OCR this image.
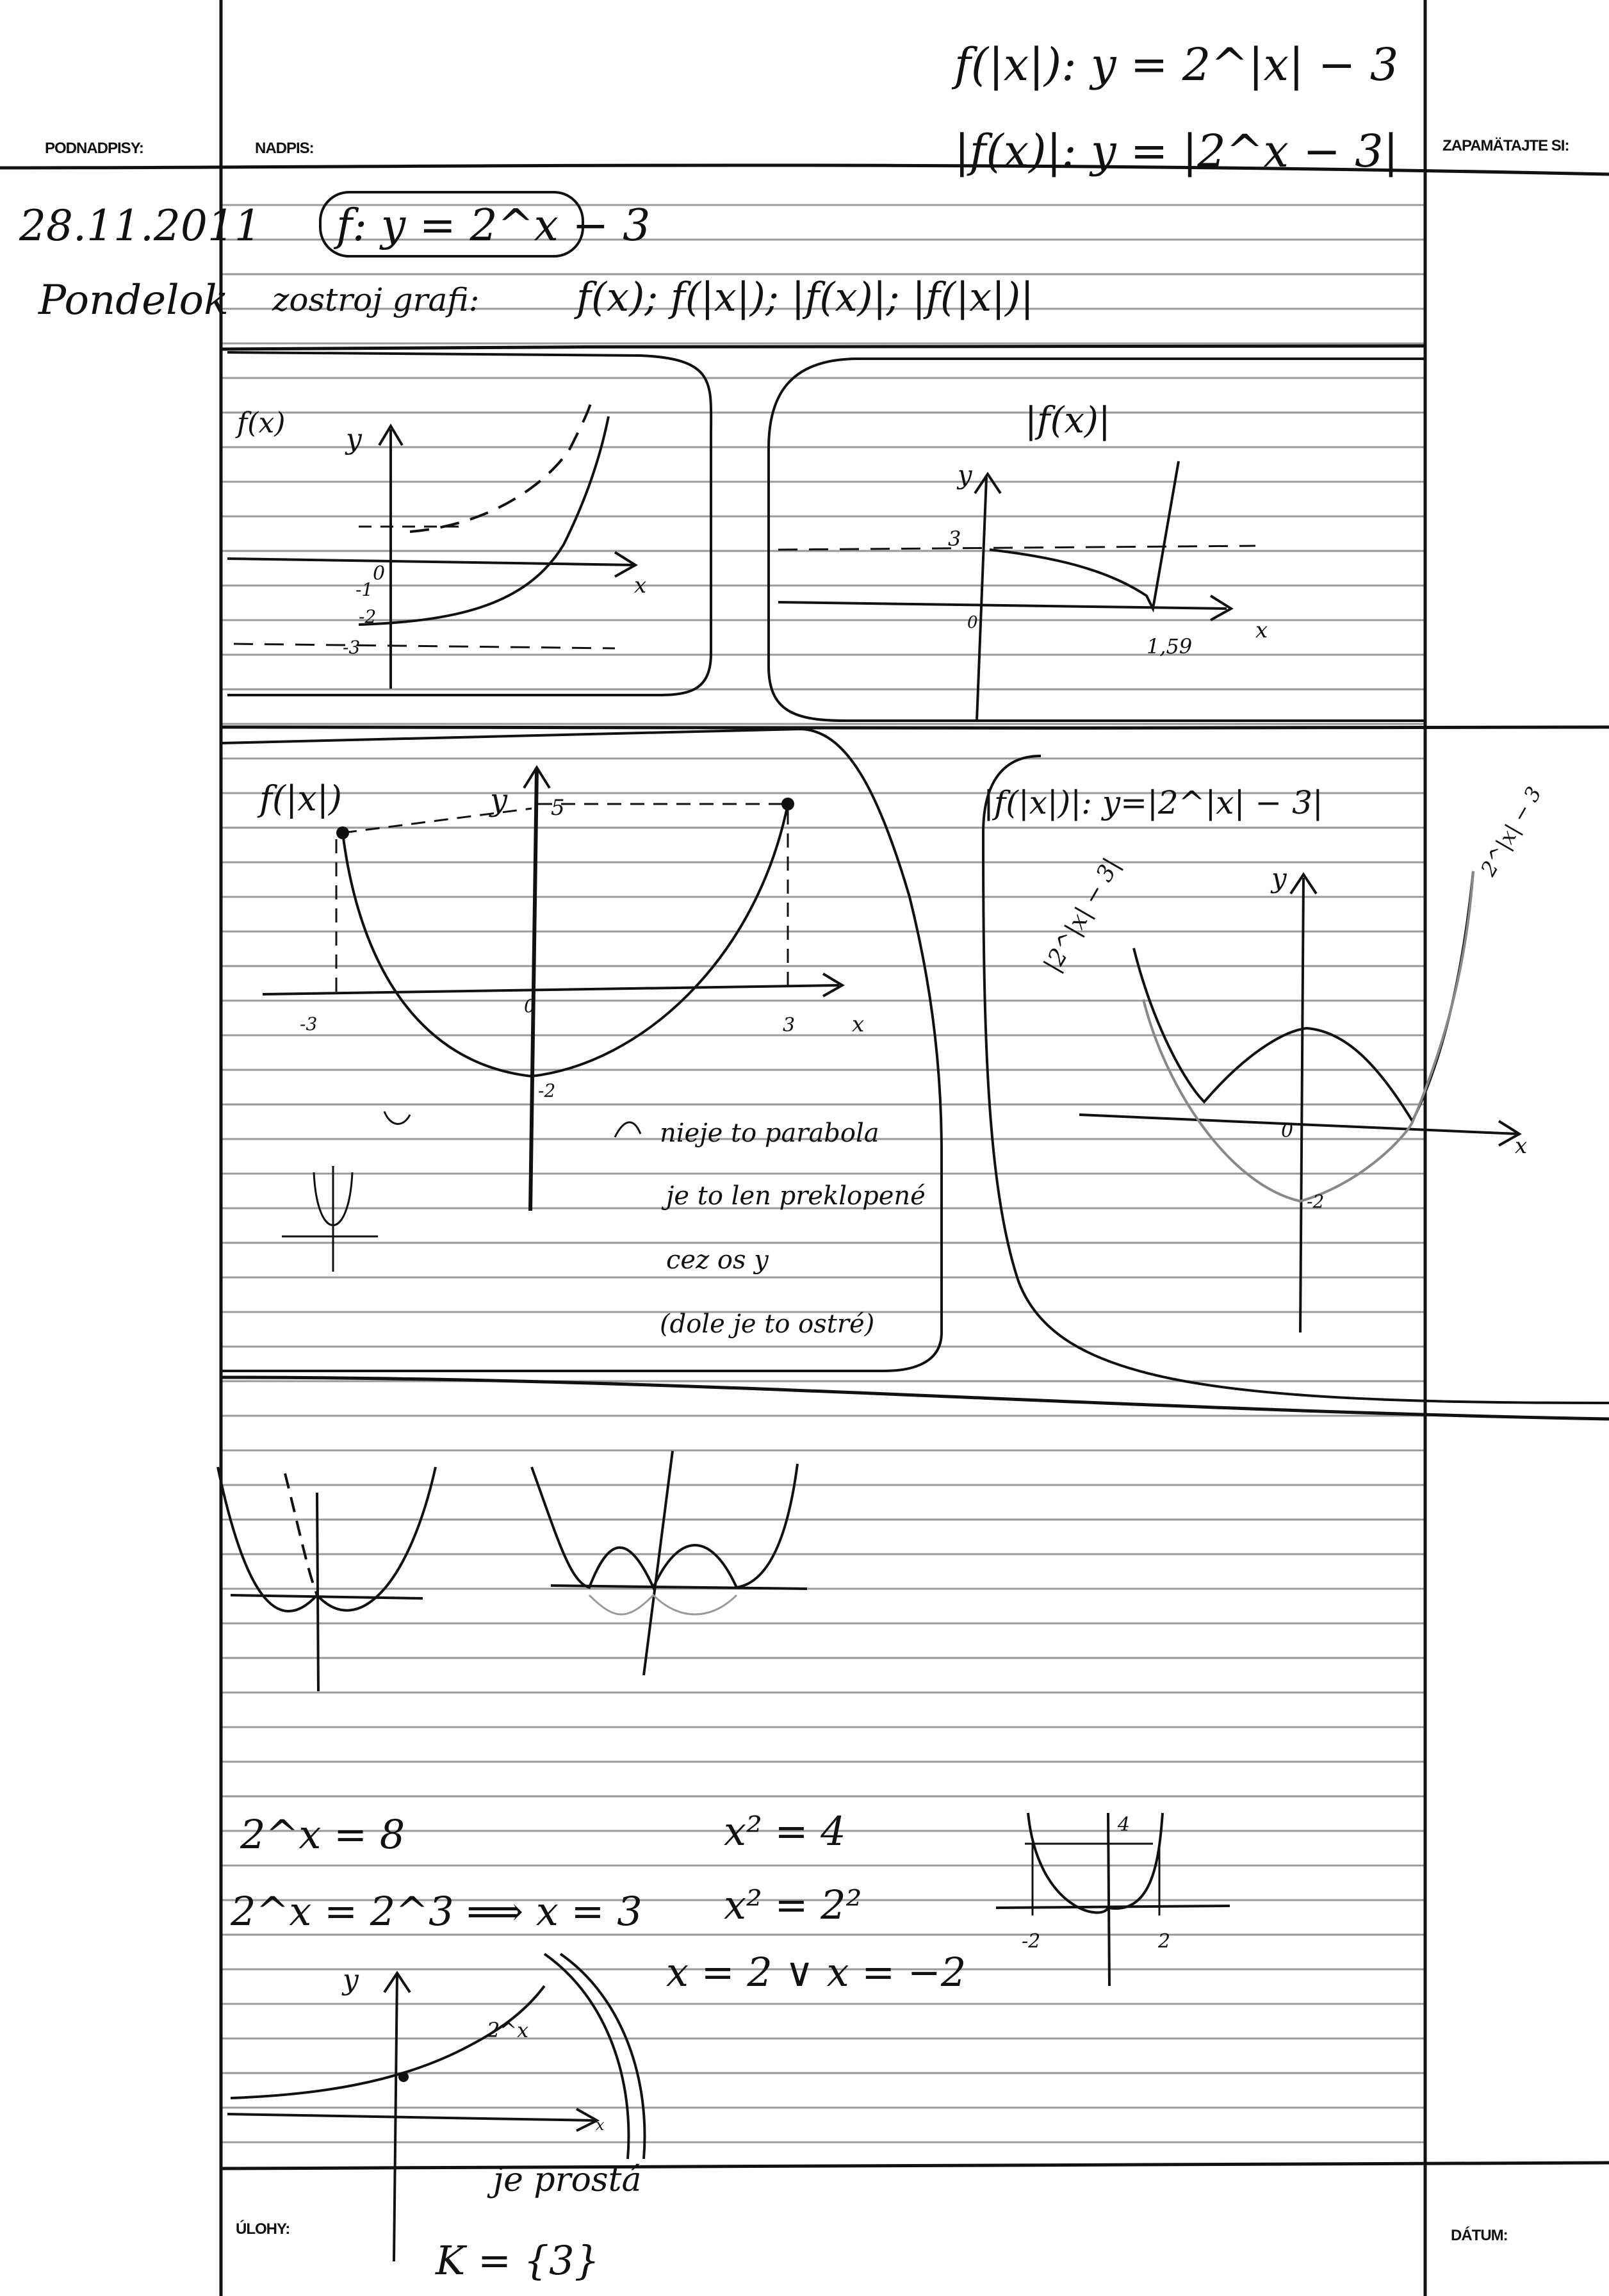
28.11.2011
Pondelok
f(|x|): y = 2^|x| − 3
|f(x)|: y = |2^x − 3|
f: y = 2^x − 3
zostroj grafi: f(x); f(|x|); |f(x)|; |f(|x|)|
f(x) y
x
0
-1
-2
-3
|f(x)|
y
3
0
1,59
x
f(|x|)	y 5
0
-2
-3	3	x
nieje to parabola
je to len preklopené
cez os y
(dole je to ostré)
|f(|x|)|: y=|2^|x| − 3|
y
0
-2
x
|2^|x| − 3|
2^|x| − 3
2^x = 8
2^x = 2^3 ⟹ x = 3
x² = 4
x² = 2²
x = 2 ∨ x = −2
-2	2
4
y
x
2^x
je prostá
K = {3}
PODNADPISY:	NADPIS:	ZAPAMÄTAJTE SI:
ÚLOHY:	DÁTUM:
